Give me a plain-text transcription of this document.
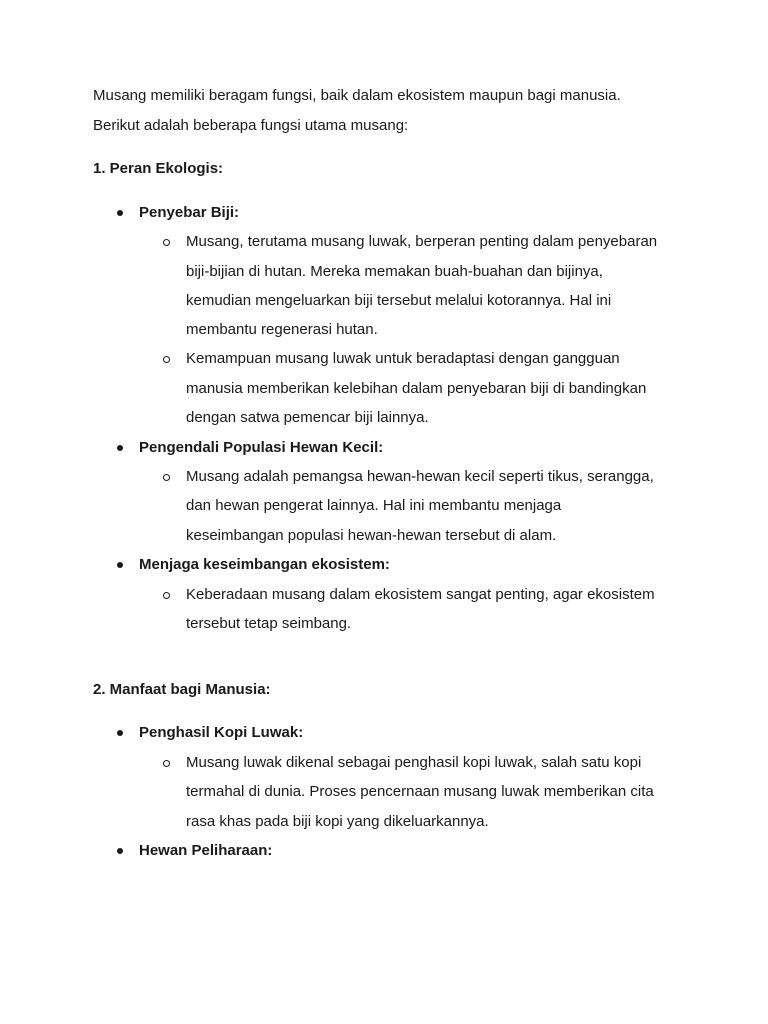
Musang memiliki beragam fungsi, baik dalam ekosistem maupun bagi manusia.
Berikut adalah beberapa fungsi utama musang:
1. Peran Ekologis:
Penyebar Biji:
Musang, terutama musang luwak, berperan penting dalam penyebaran
biji-bijian di hutan. Mereka memakan buah-buahan dan bijinya,
kemudian mengeluarkan biji tersebut melalui kotorannya. Hal ini
membantu regenerasi hutan.
Kemampuan musang luwak untuk beradaptasi dengan gangguan
manusia memberikan kelebihan dalam penyebaran biji di bandingkan
dengan satwa pemencar biji lainnya.
Pengendali Populasi Hewan Kecil:
Musang adalah pemangsa hewan-hewan kecil seperti tikus, serangga,
dan hewan pengerat lainnya. Hal ini membantu menjaga
keseimbangan populasi hewan-hewan tersebut di alam.
Menjaga keseimbangan ekosistem:
Keberadaan musang dalam ekosistem sangat penting, agar ekosistem
tersebut tetap seimbang.
2. Manfaat bagi Manusia:
Penghasil Kopi Luwak:
Musang luwak dikenal sebagai penghasil kopi luwak, salah satu kopi
termahal di dunia. Proses pencernaan musang luwak memberikan cita
rasa khas pada biji kopi yang dikeluarkannya.
Hewan Peliharaan:
